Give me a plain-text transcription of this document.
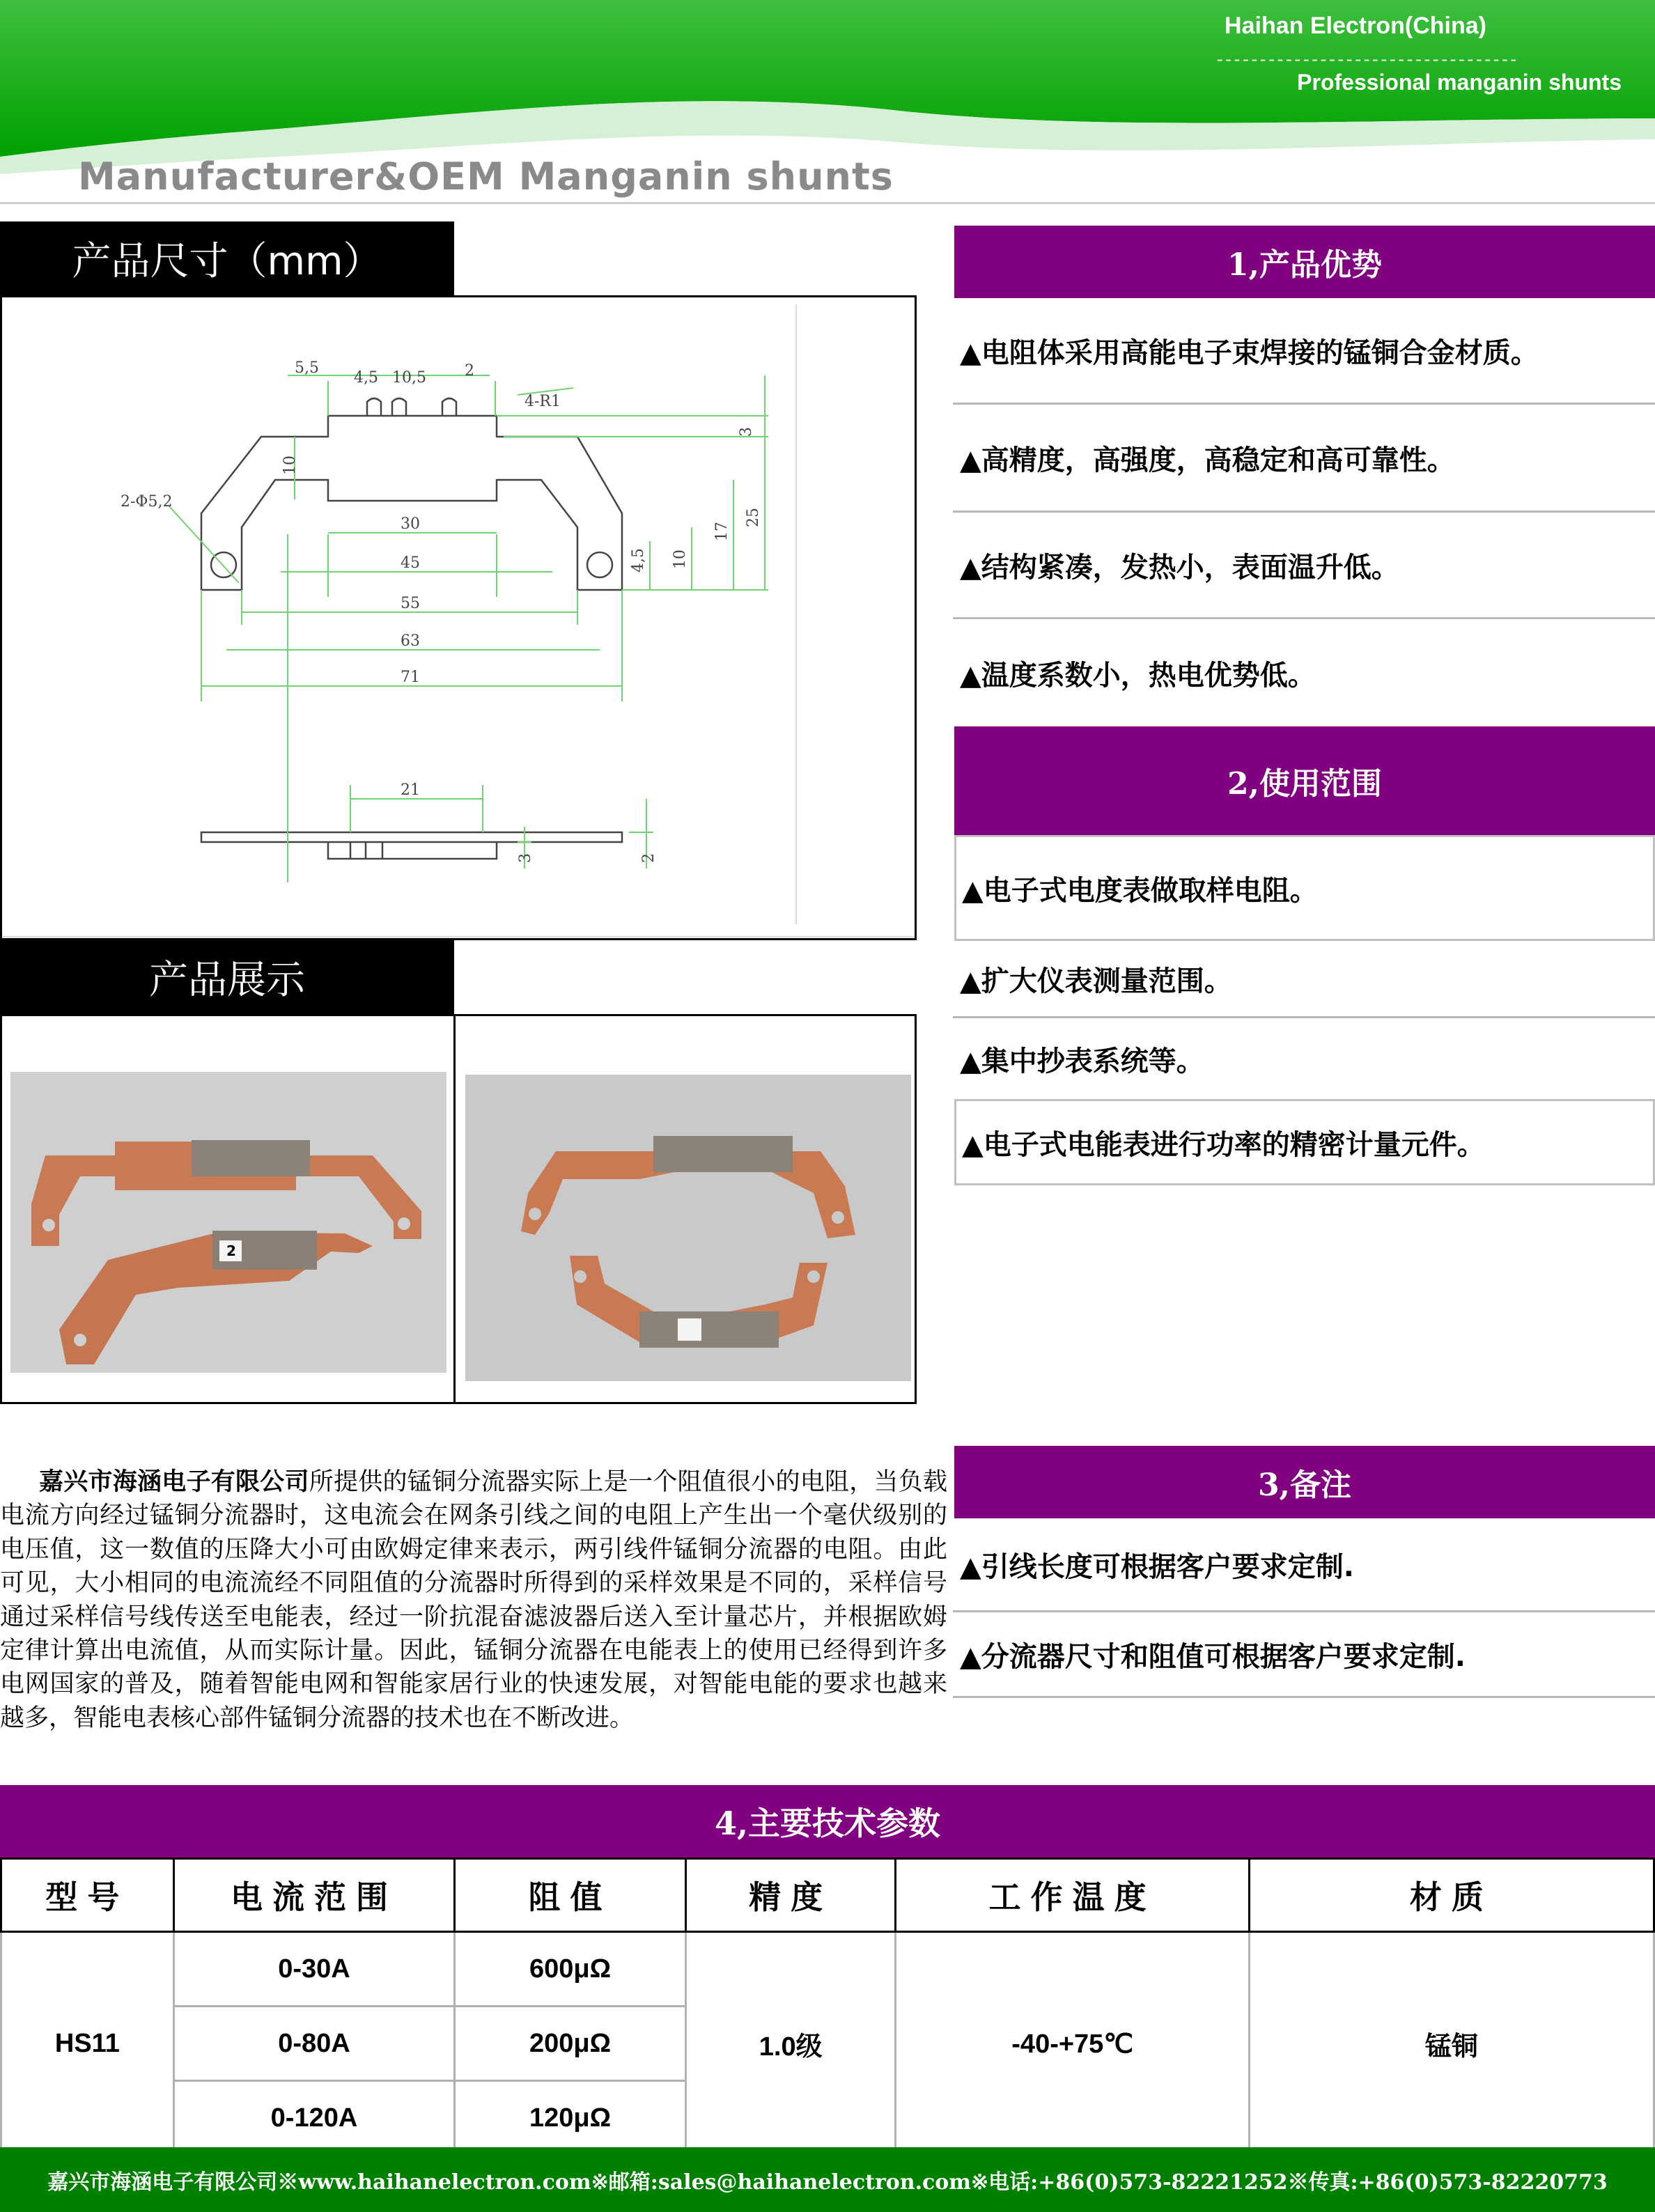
Haihan Electron(China)
-----------------------------------
Professional manganin shunts
Manufacturer&OEM Manganin shunts
产品尺寸（mm）
5,5
4,5 10,5	2
4-R1
3
10
2-Φ5,2
30	25
17
10
4,5
45
55
63
71
21
3	2
产品展示
2
1,产品优势
▲电阻体采用高能电子束焊接的锰铜合金材质。
▲高精度，高强度，高稳定和高可靠性。
▲结构紧凑，发热小，表面温升低。
▲温度系数小，热电优势低。
2,使用范围
▲电子式电度表做取样电阻。
▲扩大仪表测量范围。
▲集中抄表系统等。
▲电子式电能表进行功率的精密计量元件。
3,备注
▲引线长度可根据客户要求定制.
▲分流器尺寸和阻值可根据客户要求定制.
嘉兴市海涵电子有限公司所提供的锰铜分流器实际上是一个阻值很小的电阻，当负载电流方向经过锰铜分流器时，这电流会在网条引线之间的电阻上产生出一个毫伏级别的电压值，这一数值的压降大小可由欧姆定律来表示，两引线件锰铜分流器的电阻。由此可见，大小相同的电流流经不同阻值的分流器时所得到的采样效果是不同的，采样信号通过采样信号线传送至电能表，经过一阶抗混奋滤波器后送入至计量芯片，并根据欧姆定律计算出电流值，从而实际计量。因此，锰铜分流器在电能表上的使用已经得到许多电网国家的普及，随着智能电网和智能家居行业的快速发展，对智能电能的要求也越来越多，智能电表核心部件锰铜分流器的技术也在不断改进。
4,主要技术参数
型号	电流范围	阻值	精度	工作温度	材质
HS11	0-30A	600μΩ	1.0级	-40-+75℃	锰铜
	0-80A	200μΩ			
	0-120A	120μΩ			
嘉兴市海涵电子有限公司※www.haihanelectron.com※邮箱:sales@haihanelectron.com※电话:+86(0)573-82221252※传真:+86(0)573-82220773
